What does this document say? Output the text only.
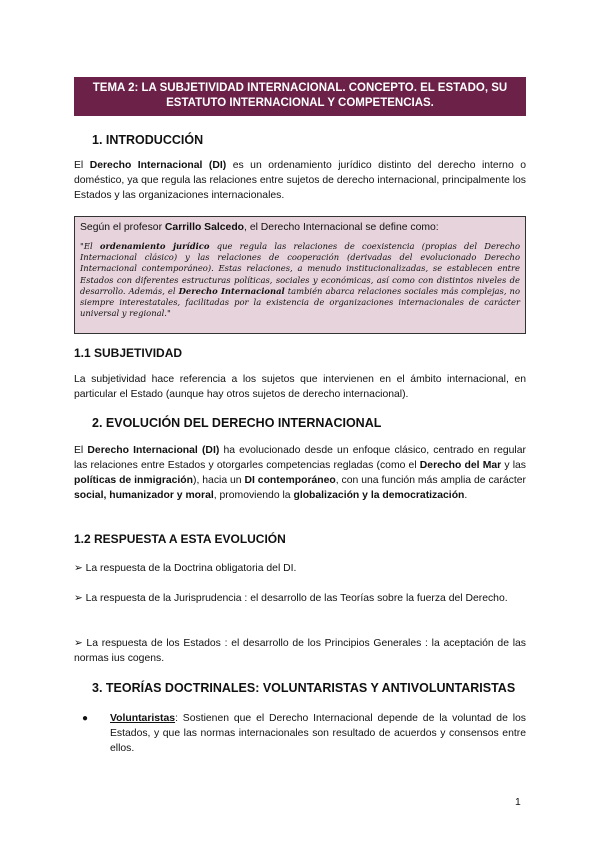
TEMA 2: LA SUBJETIVIDAD INTERNACIONAL. CONCEPTO. EL ESTADO, SU ESTATUTO INTERNACIONAL Y COMPETENCIAS.
1. INTRODUCCIÓN
El Derecho Internacional (DI) es un ordenamiento jurídico distinto del derecho interno o doméstico, ya que regula las relaciones entre sujetos de derecho internacional, principalmente los Estados y las organizaciones internacionales.
Según el profesor Carrillo Salcedo, el Derecho Internacional se define como:
"El ordenamiento jurídico que regula las relaciones de coexistencia (propias del Derecho Internacional clásico) y las relaciones de cooperación (derivadas del evolucionado Derecho Internacional contemporáneo). Estas relaciones, a menudo institucionalizadas, se establecen entre Estados con diferentes estructuras políticas, sociales y económicas, así como con distintos niveles de desarrollo. Además, el Derecho Internacional también abarca relaciones sociales más complejas, no siempre interestatales, facilitadas por la existencia de organizaciones internacionales de carácter universal y regional."
1.1 SUBJETIVIDAD
La subjetividad hace referencia a los sujetos que intervienen en el ámbito internacional, en particular el Estado (aunque hay otros sujetos de derecho internacional).
2. EVOLUCIÓN DEL DERECHO INTERNACIONAL
El Derecho Internacional (DI) ha evolucionado desde un enfoque clásico, centrado en regular las relaciones entre Estados y otorgarles competencias regladas (como el Derecho del Mar y las políticas de inmigración), hacia un DI contemporáneo, con una función más amplia de carácter social, humanizador y moral, promoviendo la globalización y la democratización.
1.2 RESPUESTA A ESTA EVOLUCIÓN
➢ La respuesta de la Doctrina obligatoria del DI.
➢ La respuesta de la Jurisprudencia : el desarrollo de las Teorías sobre la fuerza del Derecho.
➢ La respuesta de los Estados : el desarrollo de los Principios Generales : la aceptación de las normas ius cogens.
3. TEORÍAS DOCTRINALES: VOLUNTARISTAS Y ANTIVOLUNTARISTAS
● Voluntaristas: Sostienen que el Derecho Internacional depende de la voluntad de los Estados, y que las normas internacionales son resultado de acuerdos y consensos entre ellos.
1
